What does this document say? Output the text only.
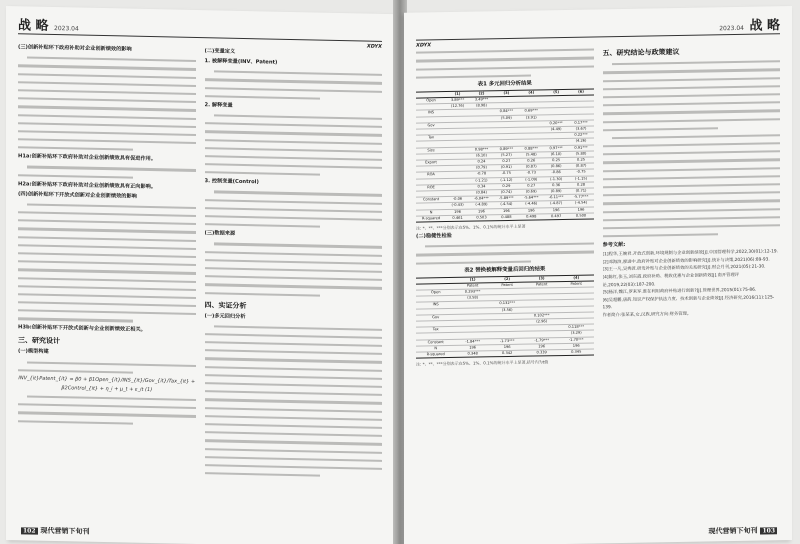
战 略 2023.04
XDYX
(三)创新补贴环下政府补助对企业创新绩效的影响
H1a:创新补贴环下政府补助对企业创新绩效具有促进作用。
H2a:创新补贴环下政府补助对企业创新绩效具有正向影响。
(四)创新补贴环下开放式创新对企业创新绩效的影响
H3b:创新补贴环下开放式创新与企业创新绩效正相关。
三、研究设计
(一)模型构建
INV_{it}Patent_{it} = β0 + β1Open_{it}/INS_{it}/Gov_{it}/Tax_{it} + β2Control_{it} + η_i + μ_t + ε_it (1)
(二)变量定义
1. 被解释变量(INV、Patent)
2. 解释变量
3. 控制变量(Control)
(三)数据来源
四、实证分析
(一)多元回归分析
102 现代营销下旬刊
战 略
2023.04
XDYX
表1 多元回归分析结果
	(1)	(2)	(3)	(4)	(5)	(6)
Open	3.89***	3.49***				
	(12.76)	(8.98)				
INS			0.84***	0.69***		
			(5.09)	(3.91)		
Gov					0.20***	0.17***
					(4.49)	(3.67)
Tax						0.22***
						(4.26)
Size		0.98***	0.89***	0.88***	0.97***	0.91***
		(6.10)	(5.27)	(5.48)	(6.10)	(5.80)
Export		0.24	0.27	0.26	0.25	0.25
		(0.79)	(0.91)	(0.87)	(0.86)	(0.87)
ROA		-0.78	-0.75	-0.73	-0.86	-0.75
		(-1.21)	(-1.12)	(-1.09)	(-1.30)	(-1.15)
ROE		0.34	0.29	0.27	0.36	0.28
		(0.84)	(0.74)	(0.69)	(0.89)	(0.71)
Constant	-0.06	-6.04***	-5.89***	-5.64***	-6.11***	-5.77***
	(-0.43)	(-4.89)	(-4.54)	(-4.46)	(-4.87)	(-4.54)
N	196	196	196	196	196	196
R-squared	0.461	0.503	0.488	0.498	0.497	0.500
注: *、**、***分别表示在5%、1%、0.1%的统计水平上显著
(二)稳健性检验
表2 替换被解释变量后回归的结果
	(1)	(2)	(3)	(4)
	Patent	Patent	Patent	Patent
Open	0.293***			
	(3.58)			
INS		0.132***		
		(3.56)		
Gov			0.102***	
			(2.96)	
Tax				0.118***
				(3.29)
Constant	-1.84***	-1.73***	-1.79***	-1.70***
N	196	196	196	196
R-squared	0.348	0.342	0.339	0.345
注: *、**、***分别表示在5%、1%、0.1%的统计水平上显著,括号内为t值
五、研究结论与政策建议
参考文献:
[1]程华,王婉君.开放式创新,环境规制与企业创新绩效[J].中国管理科学,2022,30(01):12-19.
[2]邓海滨,廖进中.政府补贴对企业创新绩效的影响研究[J].统计与决策,2021(06):89-93.
[3]王一凡,吴秀波.研发补贴与企业创新绩效的关系研究[J].财会月刊,2021(05):21-30.
[4]陈红,张玉,刘东霞.政府补助、税收优惠与企业创新绩效[J].南开管理评论,2019,22(03):187-200.
[5]杨洋,魏江,罗来军.谁在利用政府补贴进行创新?[J].管理世界,2015(01):75-86.
[6]吴超鹏,唐菂.知识产权保护执法力度、技术创新与企业绩效[J].经济研究,2016(11):125-139.
作者简介:张某某,女,汉族,研究方向:财务管理。
现代营销下旬刊 103
